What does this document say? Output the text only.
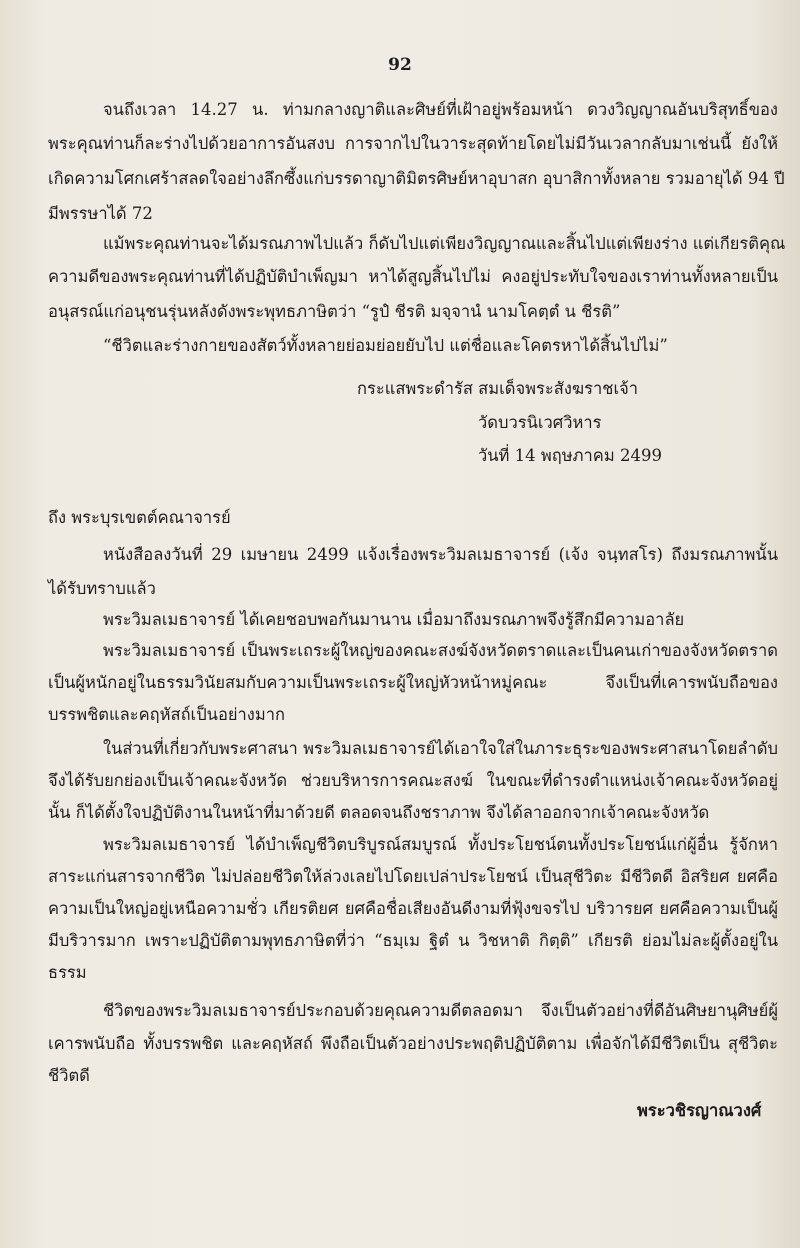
92
จนถึงเวลา 14.27 น. ท่ามกลางญาติและศิษย์ที่เฝ้าอยู่พร้อมหน้า ดวงวิญญาณอันบริสุทธิ์ของ
พระคุณท่านก็ละร่างไปด้วยอาการอันสงบ การจากไปในวาระสุดท้ายโดยไม่มีวันเวลากลับมาเช่นนี้ ยังให้
เกิดความโศกเศร้าสลดใจอย่างลึกซึ้งแก่บรรดาญาติมิตรศิษย์หาอุบาสก อุบาสิกาทั้งหลาย รวมอายุได้ 94 ปี
มีพรรษาได้ 72
แม้พระคุณท่านจะได้มรณภาพไปแล้ว ก็ดับไปแต่เพียงวิญญาณและสิ้นไปแต่เพียงร่าง แต่เกียรติคุณ
ความดีของพระคุณท่านที่ได้ปฏิบัติบำเพ็ญมา หาได้สูญสิ้นไปไม่ คงอยู่ประทับใจของเราท่านทั้งหลายเป็น
อนุสรณ์แก่อนุชนรุ่นหลังดังพระพุทธภาษิตว่า “รูปํ ชีรติ มจฺจานํ นามโคตฺตํ น ชีรติ”
“ชีวิตและร่างกายของสัตว์ทั้งหลายย่อมย่อยยับไป แต่ชื่อและโคตรหาได้สิ้นไปไม่”
กระแสพระดำรัส สมเด็จพระสังฆราชเจ้า
วัดบวรนิเวศวิหาร
วันที่ 14 พฤษภาคม 2499
ถึง พระบุรเขตต์คณาจารย์
หนังสือลงวันที่ 29 เมษายน 2499 แจ้งเรื่องพระวิมลเมธาจารย์ (เจ้ง จนฺทสโร) ถึงมรณภาพนั้น
ได้รับทราบแล้ว
พระวิมลเมธาจารย์ ได้เคยชอบพอกันมานาน เมื่อมาถึงมรณภาพจึงรู้สึกมีความอาลัย
พระวิมลเมธาจารย์ เป็นพระเถระผู้ใหญ่ของคณะสงฆ์จังหวัดตราดและเป็นคนเก่าของจังหวัดตราด
เป็นผู้หนักอยู่ในธรรมวินัยสมกับความเป็นพระเถระผู้ใหญ่หัวหน้าหมู่คณะ จึงเป็นที่เคารพนับถือของ
บรรพชิตและคฤหัสถ์เป็นอย่างมาก
ในส่วนที่เกี่ยวกับพระศาสนา พระวิมลเมธาจารย์ได้เอาใจใส่ในภาระธุระของพระศาสนาโดยลำดับ
จึงได้รับยกย่องเป็นเจ้าคณะจังหวัด ช่วยบริหารการคณะสงฆ์ ในขณะที่ดำรงตำแหน่งเจ้าคณะจังหวัดอยู่
นั้น ก็ได้ตั้งใจปฏิบัติงานในหน้าที่มาด้วยดี ตลอดจนถึงชราภาพ จึงได้ลาออกจากเจ้าคณะจังหวัด
พระวิมลเมธาจารย์ ได้บำเพ็ญชีวิตบริบูรณ์สมบูรณ์ ทั้งประโยชน์ตนทั้งประโยชน์แก่ผู้อื่น รู้จักหา
สาระแก่นสารจากชีวิต ไม่ปล่อยชีวิตให้ล่วงเลยไปโดยเปล่าประโยชน์ เป็นสุชีวิตะ มีชีวิตดี อิสริยศ ยศคือ
ความเป็นใหญ่อยู่เหนือความชั่ว เกียรติยศ ยศคือชื่อเสียงอันดีงามที่ฟุ้งขจรไป บริวารยศ ยศคือความเป็นผู้
มีบริวารมาก เพราะปฏิบัติตามพุทธภาษิตที่ว่า “ธมฺเม ฐิตํ น วิชหาติ กิตฺติ” เกียรติ ย่อมไม่ละผู้ตั้งอยู่ใน
ธรรม
ชีวิตของพระวิมลเมธาจารย์ประกอบด้วยคุณความดีตลอดมา จึงเป็นตัวอย่างที่ดีอันศิษยานุศิษย์ผู้
เคารพนับถือ ทั้งบรรพชิต และคฤหัสถ์ พึงถือเป็นตัวอย่างประพฤติปฏิบัติตาม เพื่อจักได้มีชีวิตเป็น สุชีวิตะ
ชีวิตดี
พระวชิรญาณวงศ์
